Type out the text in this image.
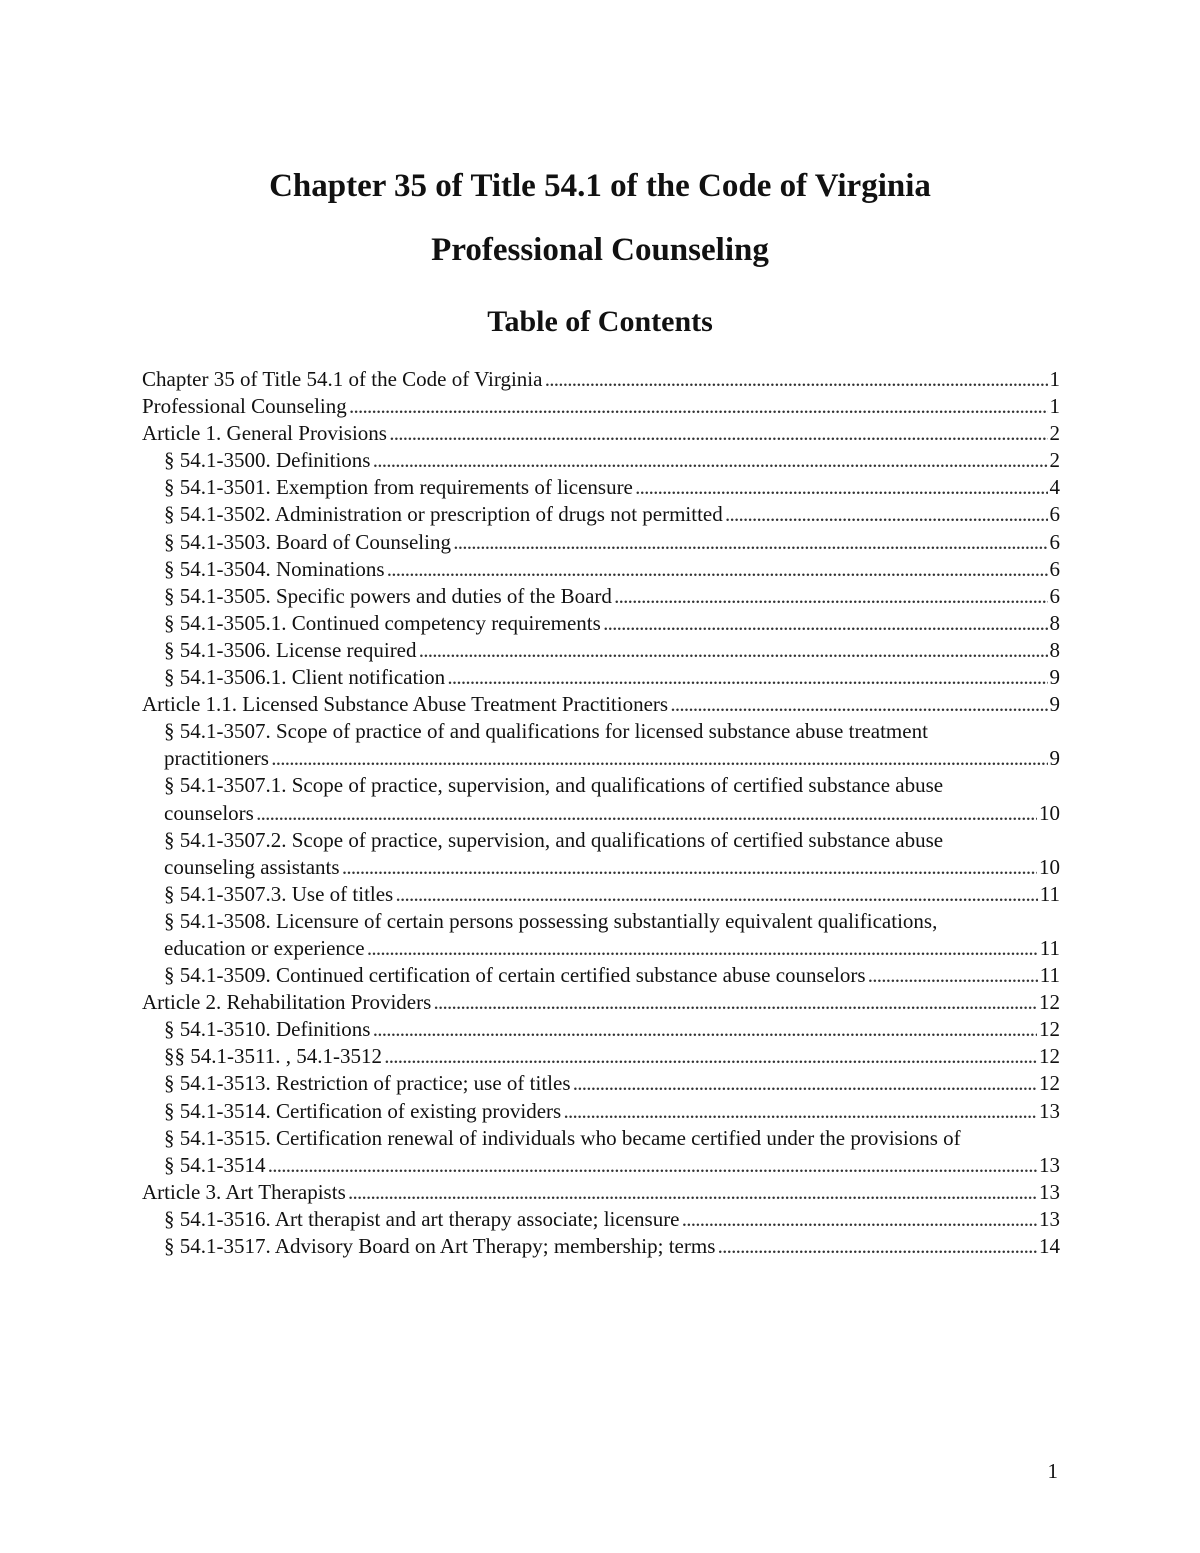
Chapter 35 of Title 54.1 of the Code of Virginia
Professional Counseling
Table of Contents
Chapter 35 of Title 54.1 of the Code of Virginia . . .	1
Professional Counseling . . .	1
Article 1. General Provisions . . .	2
§ 54.1-3500. Definitions . . .	2
§ 54.1-3501. Exemption from requirements of licensure . . .	4
§ 54.1-3502. Administration or prescription of drugs not permitted . . .	6
§ 54.1-3503. Board of Counseling . . .	6
§ 54.1-3504. Nominations . . .	6
§ 54.1-3505. Specific powers and duties of the Board . . .	6
§ 54.1-3505.1. Continued competency requirements . . .	8
§ 54.1-3506. License required . . .	8
§ 54.1-3506.1. Client notification . . .	9
Article 1.1. Licensed Substance Abuse Treatment Practitioners . . .	9
§ 54.1-3507. Scope of practice of and qualifications for licensed substance abuse treatment
practitioners . . .	9
§ 54.1-3507.1. Scope of practice, supervision, and qualifications of certified substance abuse
counselors . . .	10
§ 54.1-3507.2. Scope of practice, supervision, and qualifications of certified substance abuse
counseling assistants . . .	10
§ 54.1-3507.3. Use of titles . . .	11
§ 54.1-3508. Licensure of certain persons possessing substantially equivalent qualifications,
education or experience . . .	11
§ 54.1-3509. Continued certification of certain certified substance abuse counselors . . .	11
Article 2. Rehabilitation Providers . . .	12
§ 54.1-3510. Definitions . . .	12
§§ 54.1-3511. , 54.1-3512 . . .	12
§ 54.1-3513. Restriction of practice; use of titles . . .	12
§ 54.1-3514. Certification of existing providers . . .	13
§ 54.1-3515. Certification renewal of individuals who became certified under the provisions of
§ 54.1-3514 . . .	13
Article 3. Art Therapists . . .	13
§ 54.1-3516. Art therapist and art therapy associate; licensure . . .	13
§ 54.1-3517. Advisory Board on Art Therapy; membership; terms . . .	14
1
